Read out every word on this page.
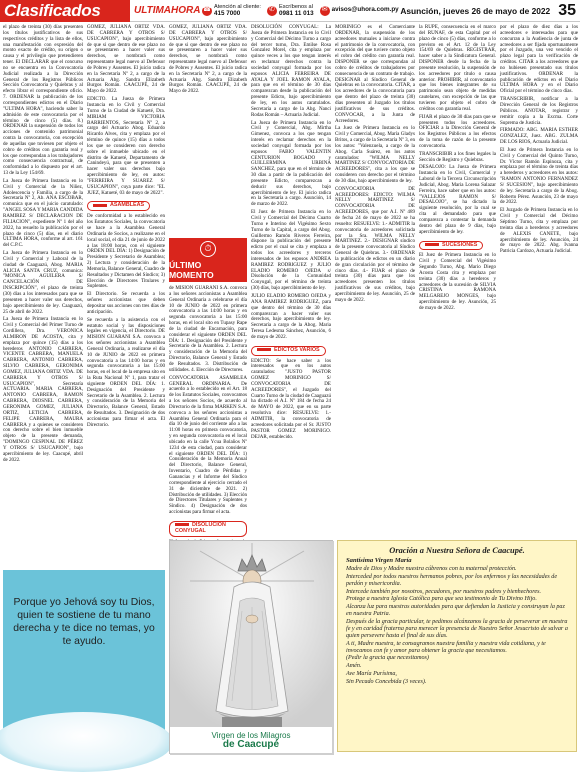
Clasificados	ULTIMAHORA ☎ Atención al cliente:
415 7000	✆ Escríbenos al
0981 11 013 ✉ avisos@uhora.com.py Asunción, jueves 26 de mayo de 2022 35

el plazo de treinta (30) días presenten los títulos justificativos de sus respectivos créditos y la lista de ellos, una manifestación con expresión del monto exacto de crédito, su origen o causa y el privilegio que pretendieren tener. El DECLARAR que el concurso no se encuentra en la Convocatoria Judicial realizada a la Dirección General de los Registros Públicos Sección Convocatoria y Quiebras y al efecto librar el correspondiente oficio. 7. ORDENAR la publicación de los correspondientes edictos en el Diario "ULTIMA HORA", haciendo saber la admisión de este convocatoria por el término de cinco (5) días. 8.) ORDENAR la suspensión de todos los acciones de contenido patrimonial contra la convocatoria, con excepción de aquellas que tuviesen por objeto el cobro de créditos con garantía real y los que correspondan a los trabajadores como consecuencia contractual, de conformidad a lo dispuesto por el art. 13 de la Ley 154/69.

La Jueza de Primera Instancia en lo Civil y Comercial de la Niñez, Adolescencia y Familia, a cargo de la Secretaría Nº 2, Ab. ANA ESCOBAR, comunica que en el juicio caratulado: "ANGEL SOSA Y MARIA CANDIDA RAMIREZ S/ DECLARACION DE FILIACION", expediente Nº 1 del año 2022, ha resuelto la publicación por el plazo de cinco (5) días, en el diario ULTIMA HORA, conforme al art. 161 del C.P.C.

La Jueza de Primera Instancia en lo Civil y Comercial y Laboral de la ciudad de Caaguazú, Abog. MARIA ALICIA SANTA CRUZ, comunica: "MONICA AGUILERA S/ CANCELACIÓN DE INSCRIPCIÓN", el plazo de treinta (30) días a los interesados para que se presenten a hacer valer sus derechos, bajo apercibimiento de ley. Caaguazú, 25 de abril de 2022.

La Jueza de Primera Instancia en lo Civil y Comercial del Primer Turno de Cordillera, Dra. VERONICA ALMIRON DE ACOSTA, cita y emplaza por quince (15) días a los herederos ANTONIO CABRERA, VICENTE CABRERA, MANUELA CABRERA, ANTONIO CABRERA, SILVIO CABRERA, GERONIMA GOMEZ, JULIANA ORTIZ VDA. DE CABRERA Y OTROS S/ USUCAPION", Secretaría ACTUARIA. MARIA CABRERA, ANTONIO CABRERA, RAMON CABRERA, DIOSNEL CABRERA, GERONIMA GOMEZ, JULIANA ORTIZ, LETICIA CABRERA, FELIPE CABRERA, MAURA CABRERA y a quienes se consideren con derecho sobre el bien inmueble objeto de la presente demanda, "DOMINGO CESPINAL DE PÉREZ Y OTROS S/ USUCAPION", bajo apercibimiento de ley. Caacupé, abril de 2022.

GOMEZ, JULIANA ORTIZ VDA. DE CABRERA Y OTROS S/ USUCAPION", bajo apercibimiento de que si que dentro de ese plazo no se presentaren a hacer valer sus derechos, se nombrará como representante legal nuevo al Defensor de Pobres y Ausentes. El juicio radica en la Secretaría Nº 2, a cargo de la Actuaria Abg. Sandra Elizabeth Burgos Román. CAACUPÉ, 24 de Mayo de 2022.

EDICTO. La Jueza de Primera Instancia en lo Civil y Comercial Turno de la Ciudad de Katueté, Dra. MIRIAM VICTORIA BARRIENTOS, Secretaría Nº 2, a cargo del Actuario Abog. Eduardo Ricardo Alves, cita y emplaza por el término de quince (15) días a todos los que se consideren con derecho sobre el inmueble ubicado en el distrito de Katueté, Departamento de Canindeyú, para que se presenten a hacer valer sus derechos bajo apercibimiento de ley, en autos: "FERREIRA Y SUAREZ S/ USUCAPION", cuya parte dice: "EL JUEZ, Katueté, 03 de mayo de 2022".

ASAMBLEAS

De conformidad a lo establecido en los Estatutos Sociales, la convocatoria se hace a la Asamblea General Ordinaria de Socios, a realizarse en el local social, el día 21 de junio de 2022 a las 18:00 horas, con el siguiente ORDEN DEL DÍA: 1) Designación de Presidente y Secretario de Asamblea; 2) Lectura y consideración de la Memoria, Balance General, Cuadro de Resultados y Dictamen del Síndico; 3) Elección de Directores Titulares y Suplentes.

El Directorio. Se recuerda a los señores accionistas que deben depositar sus acciones con tres días de anticipación.

Se recuerda a la asistencia con el estatuto social y las disposiciones legales en vigencia, el Directorio. DE MISION GUARANI S.A. convoca a los señores accionistas a Asamblea General Ordinaria, a realizarse el día 10 de JUNIO de 2022 en primera convocatoria a las 14:00 horas y en segunda convocatoria a las 15:00 horas, en el local de la empresa sito en la Ruta Nacional Nº 1, para tratar el siguiente ORDEN DEL DÍA: 1. Designación del Presidente y Secretario de la Asamblea. 2. Lectura y consideración de la Memoria del Directorio, Balance General, Estado de Resultados. 3. Designación de dos accionistas para firmar el acta. El Directorio.

GOMEZ, JULIANA ORTIZ VDA. DE CABRERA Y OTROS S/ USUCAPION", bajo apercibimiento de que si que dentro de ese plazo no se presentaren a hacer valer sus derechos, se nombrará como representante legal nuevo al Defensor de Pobres y Ausentes. El juicio radica en la Secretaría Nº 2, a cargo de la Actuaria Abg. Sandra Elizabeth Burgos Román. CAACUPÉ, 24 de Mayo de 2022.

⏱
ÚLTIMO MOMENTO

de MISION GUARANI S.A. convoca a los señores accionistas a Asamblea General Ordinaria a celebrarse el día 10 de JUNIO de 2022 en primera convocatoria a las 14:00 horas y en segunda convocatoria a las 15:00 horas, en el local sito en Tupasy Rape de la ciudad de Encarnación, para considerar el siguiente ORDEN DEL DÍA: 1. Designación del Presidente y Secretario de la Asamblea. 2. Lectura y consideración de la Memoria del Directorio, Balance General y Estado de Resultados. 3. Distribución de utilidades. 4. Elección de Directores.

CONVOCATORIA ASAMBLEA GENERAL ORDINARIA. De acuerdo a lo establecido en el Art. 18 de los Estatutos Sociales, convocamos a los señores Socios, de acuerdo al Directorio de la firma MARKEN S.A. convoca a los señores accionistas a Asamblea General Ordinaria para el día 10 de junio del corriente año a las 11:00 horas en primera convocatoria, y en segunda convocatoria en el local ubicado en la calle Ycua Bolaños Nº 1234 de esta ciudad, para considerar el siguiente ORDEN DEL DÍA: 1) Consideración de la Memoria Anual del Directorio, Balance General, Inventario, Cuadro de Pérdidas y Ganancias y el Informe del Síndico correspondiente al ejercicio cerrado el 31 de diciembre de 2021. 2) Distribución de utilidades. 3) Elección de Directores Titulares y Suplentes y Síndico. 4) Designación de dos accionistas para firmar el acta.

DISOLUCIÓN CONYUGAL

DISOLUCIÓN CONYUGAL: La Jueza de Primera Instancia en lo Civil y Comercial del Décimo Turno a cargo del tercer turno, Dra. Emilse Rosa Gonzalez Morel, cita y emplaza por quince veces a los que tengan interés en reclamar derechos contra la sociedad conyugal formada por los esposos ALICIA FERREIRA DE AYALA Y JOEL RAMON AYALA, para que en el término de 30 días comparezcan desde la publicación del presente Edicto, bajo apercibimiento de ley, en los autos caratulados. Secretaría a cargo de la Abg. Nanci Rodas Román – Actuaria Judicial.

La Jueza de Primera Instancia en lo Civil y Comercial, Abg. Mirtha Gimenez, convoca a los que tengan interés en reclamar derechos en la sociedad conyugal formada por los esposos FABIO VALENTIN CENTURION BOGADO y GUILLERMINA URBINA SANCHEZ, para que en el término de 30 días a partir de la publicación del presente Edicto, comparezcan a deducir sus derechos, bajo apercibimiento de ley. El juicio radica en la Secretaría a cargo. Asunción, 14 de marzo de 2022.

El Juez de Primera Instancia en lo Civil y Comercial del Décimo Cuarto Turno e Interino del Vigésimo Sexto Turno de la Capital, a cargo del Abog. Guillermo Ramón Riveros Ferreira, dispone la publicación del presente edicto por el cual se cita y emplaza a todos los acreedores y terceros interesados de los esposos ANDREA RAMIREZ RODRIGUEZ y JULIO ELADIO ROMERO OJEDA s/ Disolución de la Comunidad Conyugal, por el término de treinta (30) días, bajo apercibimiento de ley.

JULIO ELADIO ROMERO OJEDA y ANA RAMIREZ RODRIGUEZ, para que dentro del término de 30 días comparezcan a hacer valer sus derechos, bajo apercibimiento de ley. Secretaría a cargo de la Abog. Maria Teresa Ledesma Sánchez, Asunción, 6 de mayo de 2022.

EDICTOS VARIOS

EDICTO: Se hace saber a los interesados que en los autos caratulados: "JUSTO PASTOR GOMEZ MORINIGO S/ CONVOCATORIA DE ACREEDORES", el Juzgado del Cuarto Turno de la ciudad de Caaguazú ha dictado el A.I. Nº 184 de fecha 24 de MAYO de 2022, que en su parte resolutiva dice: RESUELVE: 1.- ADMITIR, la convocatoria de acreedores solicitada por el Sr. JUSTO PASTOR GOMEZ MORINIGO. DEJAR, establecido.

MORINIGO es el Comerciante ORDENAR, la suspensión de los acreedores mutuales a iniciarse contra el patrimonio de la convocatoria, con excepción del que tuviere como objeto el cobro del crédito con garantía real. DISPONER se que correspondan al cobro de créditos de trabajadores por consecuencia de un contrato de trabajo. DESIGNAR al Síndico General de Quiebras en la convocatoria. CITAR, a los acreedores de la convocatoria para que dentro del plazo de treinta (30) días presenten al Juzgado los títulos justificativos de sus créditos. CONVOCAR, a la Junta de Acreedores.

La Juez de Primera Instancia en lo Civil y Comercial, Abog. María Gladys Britos, a cargo de la Secretaría Nº 3, en los autos: "Valenzuela, a cargo de la Abog. Carla Suárez, en los autos caratulados: "WILMA NELLY MARTINEZ S/ CONVOCATORIA DE ACREEDORES", cita a los que se consideren con derecho por el término de 30 días, bajo apercibimiento de ley.

CONVOCATORIA DE ACREEDORES: EDICTO: WILMA NELLY MARTINEZ S/ CONVOCATORIA DE ACREEDORES, que por A.I. Nº 489 de fecha 24 de mayo de 2022 se ha resuelto: RESUELVE: 1.- ADMITIR la convocatoria de acreedores solicitada por la Sra. WILMA NELLY MARTINEZ. 2.- DESIGNAR síndico de la presente convocatoria al Síndico General de Quiebras. 3.- ORDENAR la publicación de edictos en un diario de gran circulación por el término de cinco días. 4.- FIJAR el plazo de treinta (30) días para que los acreedores presenten los títulos justificativos de sus créditos, bajo apercibimiento de ley. Asunción, 25 de mayo de 2022.

la RUPE, consecuencia en el marco del RUNAF, de esta Capital por el plazo de cinco (5) días, conforme a lo previsto en el Art. 12 de la Ley 154/69 de Quiebras. REGISTRAR, hacer saber a la Sindicatura General. DISPONER desde la fecha de la presente resolución, la suspensión de los acreedores por título o causa anterior. PROHIBIR, al convocatario que los bienes integrantes de su patrimonio sean objeto de medidas cautelares, con excepción de las que tuvieren por objeto el cobro de créditos con garantía real.

FIJAR el plazo de 30 días para que se presenten todos los acreedores. OFICIAR a la Dirección General de los Registros Públicos a los efectos de la toma de razón de la presente convocatoria.

TRANSCRIBIR a los fines legales la Sección de Registro y Quiebras.

DESALOJO: La Jueza de Primera Instancia en lo Civil, Comercial y Laboral de la Tercera Circunscripción Judicial, Abog. Maria Lorena Salazar Ferreira, hace saber que en los autos: "VALLEJOS RAMON S/ DESALOJO", se ha dictado la siguiente resolución, por la cual se cita al demandado para que comparezca a contestar la demanda dentro del plazo de 9 días, bajo apercibimiento de ley.

SUCESIONES

El Juez de Primera Instancia en lo Civil y Comercial del Vigésimo Segundo Turno, Abg. Mario Diego Acosta Costa cita y emplaza por treinta (30) días a herederos y acreedores de la sucesión de SILVIA CRISTINA RAMONA MELGAREJO MONGES, bajo apercibimiento de ley. Asunción, 25 de mayo de 2022.

por el plazo de diez días a los acreedores e interesados para que concurran a la Audiencia de junta de acreedores a ser fijada oportunamente por el Juzgado, una vez vencido el plazo legal para la verificación de créditos. CITAR a los acreedores que no hubiesen presentado sus títulos justificativos. ORDENAR la publicación de edictos en el Diario ULTIMA HORA y en el Diario Oficial por el término de cinco días.

TRANSCRIBIR, notificar a la Dirección General de los Registros Públicos. ANOTAR, registrar y remitir copia a la Excma. Corte Suprema de Justicia.

FIRMADO: ABG. MARIA ESTHER GONZALEZ, Juez. ABG. ZULMA DE LOS RIOS, Actuaria Judicial.

El Juez de Primera Instancia en lo Civil y Comercial del Quinto Turno, Dr. Víctor Ramón Espinoza, cita y emplaza por el término de treinta días a herederos y acreedores en los autos: "RAMON ANTONIO FERNANDEZ S/ SUCESION", bajo apercibimiento de ley. Secretaría a cargo de la Abog. Roberto Pérez. Asunción, 23 de mayo de 2022.

El Juzgado de Primera Instancia en lo Civil y Comercial del Décimo Séptimo Turno, cita y emplaza por treinta días a herederos y acreedores de ALEXIS CANETE, bajo apercibimiento de ley. Asunción, 24 de mayo de 2022. Abg. Ivanna Patricia Cardozo, Actuaria Judicial.

Porque yo Jehová soy tu Dios, quien te sostiene de tu mano derecha y te dice no temas, yo te ayudo.
Virgen de los Milagros
de Caacupé
Oración a Nuestra Señora de Caacupé.
Santísima Virgen María

Madre de Dios y Madre nuestra cúbrenos con tu maternal protección.

Interceded por todos nuestros hermanos pobres, por los enfermos y las necesidades de perdón y misericordia.

Intercede también por nosotros, pecadores, por nuestros padres y bienhechores.

Protege a nuestra Iglesia Católica para que sea testimonio de Tu Divino Hijo.

Alcanza luz para nuestras autoridades para que defiendan la Justicia y construyan la paz en nuestra Patria.

Después de la gracia particular, te pedimos alcánzanos la gracia de perseverar en nuestra fe y en caridad fraterna para merecer la presencia de Nuestro Señor Jesucristo de salvar a quien persevere hasta el final de sus días.

A ti, Madre nuestra, te consagramos nuestra familia y nuestra vida cotidiana, y te invocamos con fe y amor para obtener la gracia que necesitamos.

(Pedir la gracia que necesitamos)

Amén.

Ave María Purísima,

Sin Pecado Concebida (3 veces).
